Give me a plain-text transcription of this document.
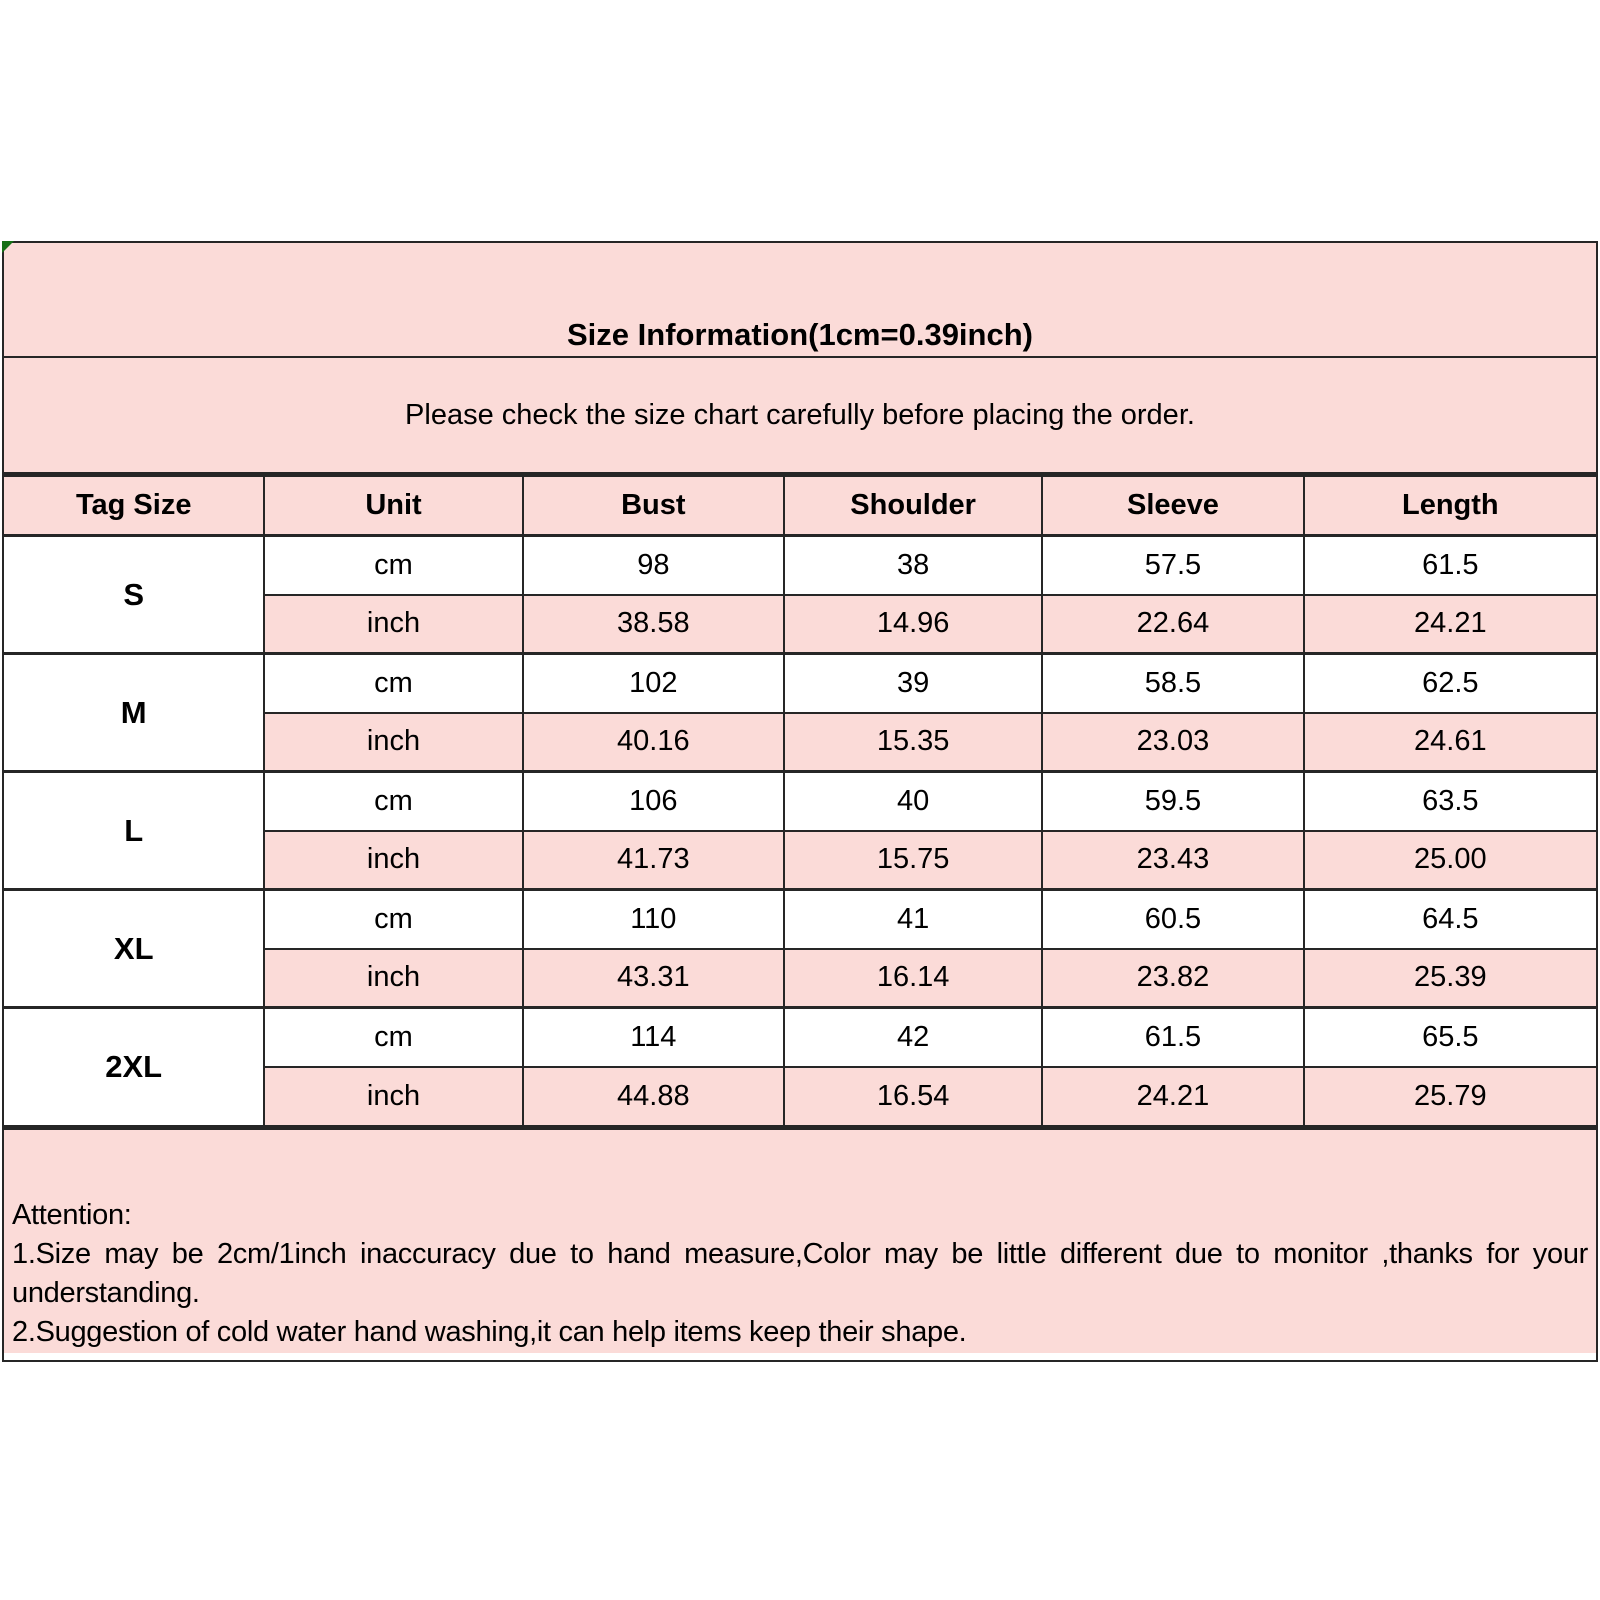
Size Information(1cm=0.39inch)
Please check the size chart carefully before placing the order.
Tag Size	Unit	Bust	Shoulder	Sleeve	Length
S	cm	98	38	57.5	61.5
	inch	38.58	14.96	22.64	24.21
M	cm	102	39	58.5	62.5
	inch	40.16	15.35	23.03	24.61
L	cm	106	40	59.5	63.5
	inch	41.73	15.75	23.43	25.00
XL	cm	110	41	60.5	64.5
	inch	43.31	16.14	23.82	25.39
2XL	cm	114	42	61.5	65.5
	inch	44.88	16.54	24.21	25.79

Attention:

1.Size may be 2cm/1inch inaccuracy due to hand measure,Color may be little different due to monitor ,thanks for your understanding.

2.Suggestion of cold water hand washing,it can help items keep their shape.
